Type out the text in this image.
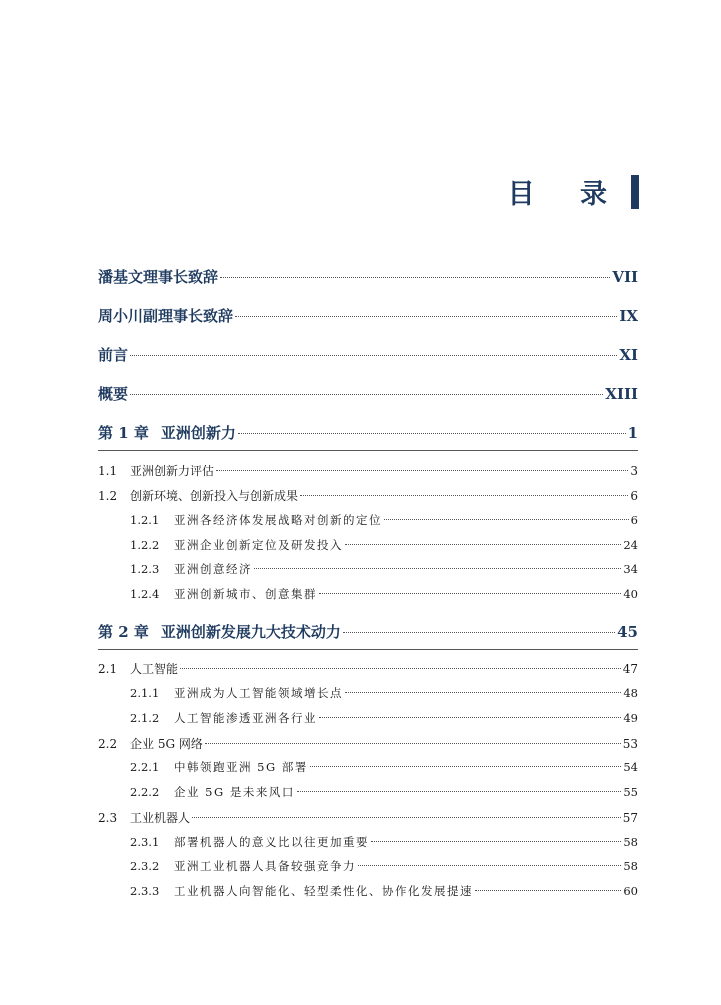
目 录
潘基文理事长致辞	VII
周小川副理事长致辞	IX
前言	XI
概要	XIII
第 1 章 亚洲创新力	1
1.1	亚洲创新力评估	3
1.2	创新环境、创新投入与创新成果	6
1.2.1	亚洲各经济体发展战略对创新的定位	6
1.2.2	亚洲企业创新定位及研发投入	24
1.2.3	亚洲创意经济	34
1.2.4	亚洲创新城市、创意集群	40
第 2 章 亚洲创新发展九大技术动力	45
2.1	人工智能	47
2.1.1	亚洲成为人工智能领域增长点	48
2.1.2	人工智能渗透亚洲各行业	49
2.2	企业 5G 网络	53
2.2.1	中韩领跑亚洲 5G 部署	54
2.2.2	企业 5G 是未来风口	55
2.3	工业机器人	57
2.3.1	部署机器人的意义比以往更加重要	58
2.3.2	亚洲工业机器人具备较强竞争力	58
2.3.3	工业机器人向智能化、轻型柔性化、协作化发展提速	60
